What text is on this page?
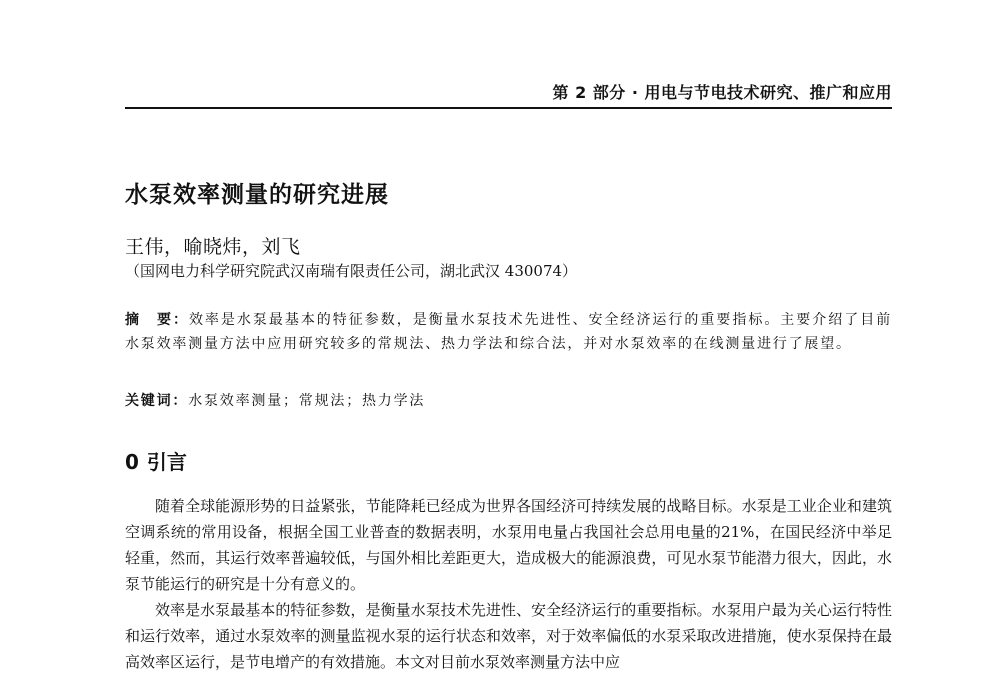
第 2 部分 · 用电与节电技术研究、推广和应用
水泵效率测量的研究进展
王伟，喻晓炜，刘飞
（国网电力科学研究院武汉南瑞有限责任公司，湖北武汉 430074）
摘　要：效率是水泵最基本的特征参数，是衡量水泵技术先进性、安全经济运行的重要指标。主要介绍了目前水泵效率测量方法中应用研究较多的常规法、热力学法和综合法，并对水泵效率的在线测量进行了展望。
关键词：水泵效率测量；常规法；热力学法
0 引言

随着全球能源形势的日益紧张，节能降耗已经成为世界各国经济可持续发展的战略目标。水泵是工业企业和建筑空调系统的常用设备，根据全国工业普查的数据表明，水泵用电量占我国社会总用电量的21%，在国民经济中举足轻重，然而，其运行效率普遍较低，与国外相比差距更大，造成极大的能源浪费，可见水泵节能潜力很大，因此，水泵节能运行的研究是十分有意义的。

效率是水泵最基本的特征参数，是衡量水泵技术先进性、安全经济运行的重要指标。水泵用户最为关心运行特性和运行效率，通过水泵效率的测量监视水泵的运行状态和效率，对于效率偏低的水泵采取改进措施，使水泵保持在最高效率区运行，是节电增产的有效措施。本文对目前水泵效率测量方法中应
